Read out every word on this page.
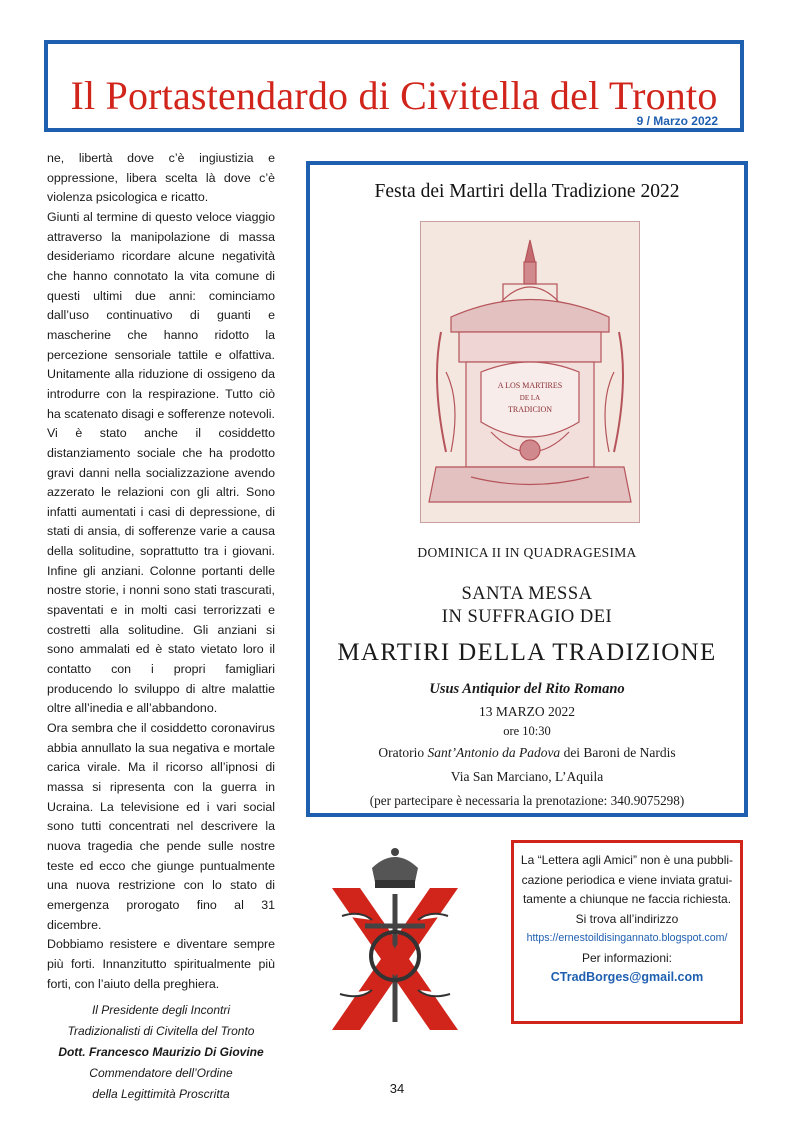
Il Portastendardo di Civitella del Tronto
9 / Marzo 2022

ne, libertà dove c’è ingiustizia e oppressione, libera scelta là dove c’è violenza psicologica e ricatto.

Giunti al termine di questo veloce viaggio attraverso la manipolazione di massa desideriamo ricordare alcune negatività che hanno connotato la vita comune di questi ultimi due anni: cominciamo dall’uso continuativo di guanti e mascherine che hanno ridotto la percezione sensoriale tattile e olfattiva. Unitamente alla riduzione di ossigeno da introdurre con la respirazione. Tutto ciò ha scatenato disagi e sofferenze notevoli. Vi è stato anche il cosiddetto distanziamento sociale che ha prodotto gravi danni nella socializzazione avendo azzerato le relazioni con gli altri. Sono infatti aumentati i casi di depressione, di stati di ansia, di sofferenze varie a causa della solitudine, soprattutto tra i giovani. Infine gli anziani. Colonne portanti delle nostre storie, i nonni sono stati trascurati, spaventati e in molti casi terrorizzati e costretti alla solitudine. Gli anziani si sono ammalati ed è stato vietato loro il contatto con i propri famigliari producendo lo sviluppo di altre malattie oltre all’inedia e all’abbandono.

Ora sembra che il cosiddetto coronavirus abbia annullato la sua negativa e mortale carica virale. Ma il ricorso all’ipnosi di massa si ripresenta con la guerra in Ucraina. La televisione ed i vari social sono tutti concentrati nel descrivere la nuova tragedia che pende sulle nostre teste ed ecco che giunge puntualmente una nuova restrizione con lo stato di emergenza prorogato fino al 31 dicembre.

Dobbiamo resistere e diventare sempre più forti. Innanzitutto spiritualmente più forti, con l’aiuto della preghiera.

Il Presidente degli Incontri
Tradizionalisti di Civitella del Tronto
Dott. Francesco Maurizio Di Giovine
Commendatore dell’Ordine
della Legittimità Proscritta
Festa dei Martiri della Tradizione 2022
A LOS MARTIRES
DE LA
TRADICION
DOMINICA II IN QUADRAGESIMA
SANTA MESSA
IN SUFFRAGIO DEI
MARTIRI DELLA TRADIZIONE
Usus Antiquior del Rito Romano
13 MARZO 2022
ore 10:30
Oratorio Sant’Antonio da Padova dei Baroni de Nardis
Via San Marciano, L’Aquila
(per partecipare è necessaria la prenotazione: 340.9075298)
La “Lettera agli Amici” non è una pubbli-
cazione periodica e viene inviata gratui-
tamente a chiunque ne faccia richiesta.
Si trova all’indirizzo
https://ernestoildisingannato.blogspot.com/
Per informazioni:
CTradBorges@gmail.com
34
